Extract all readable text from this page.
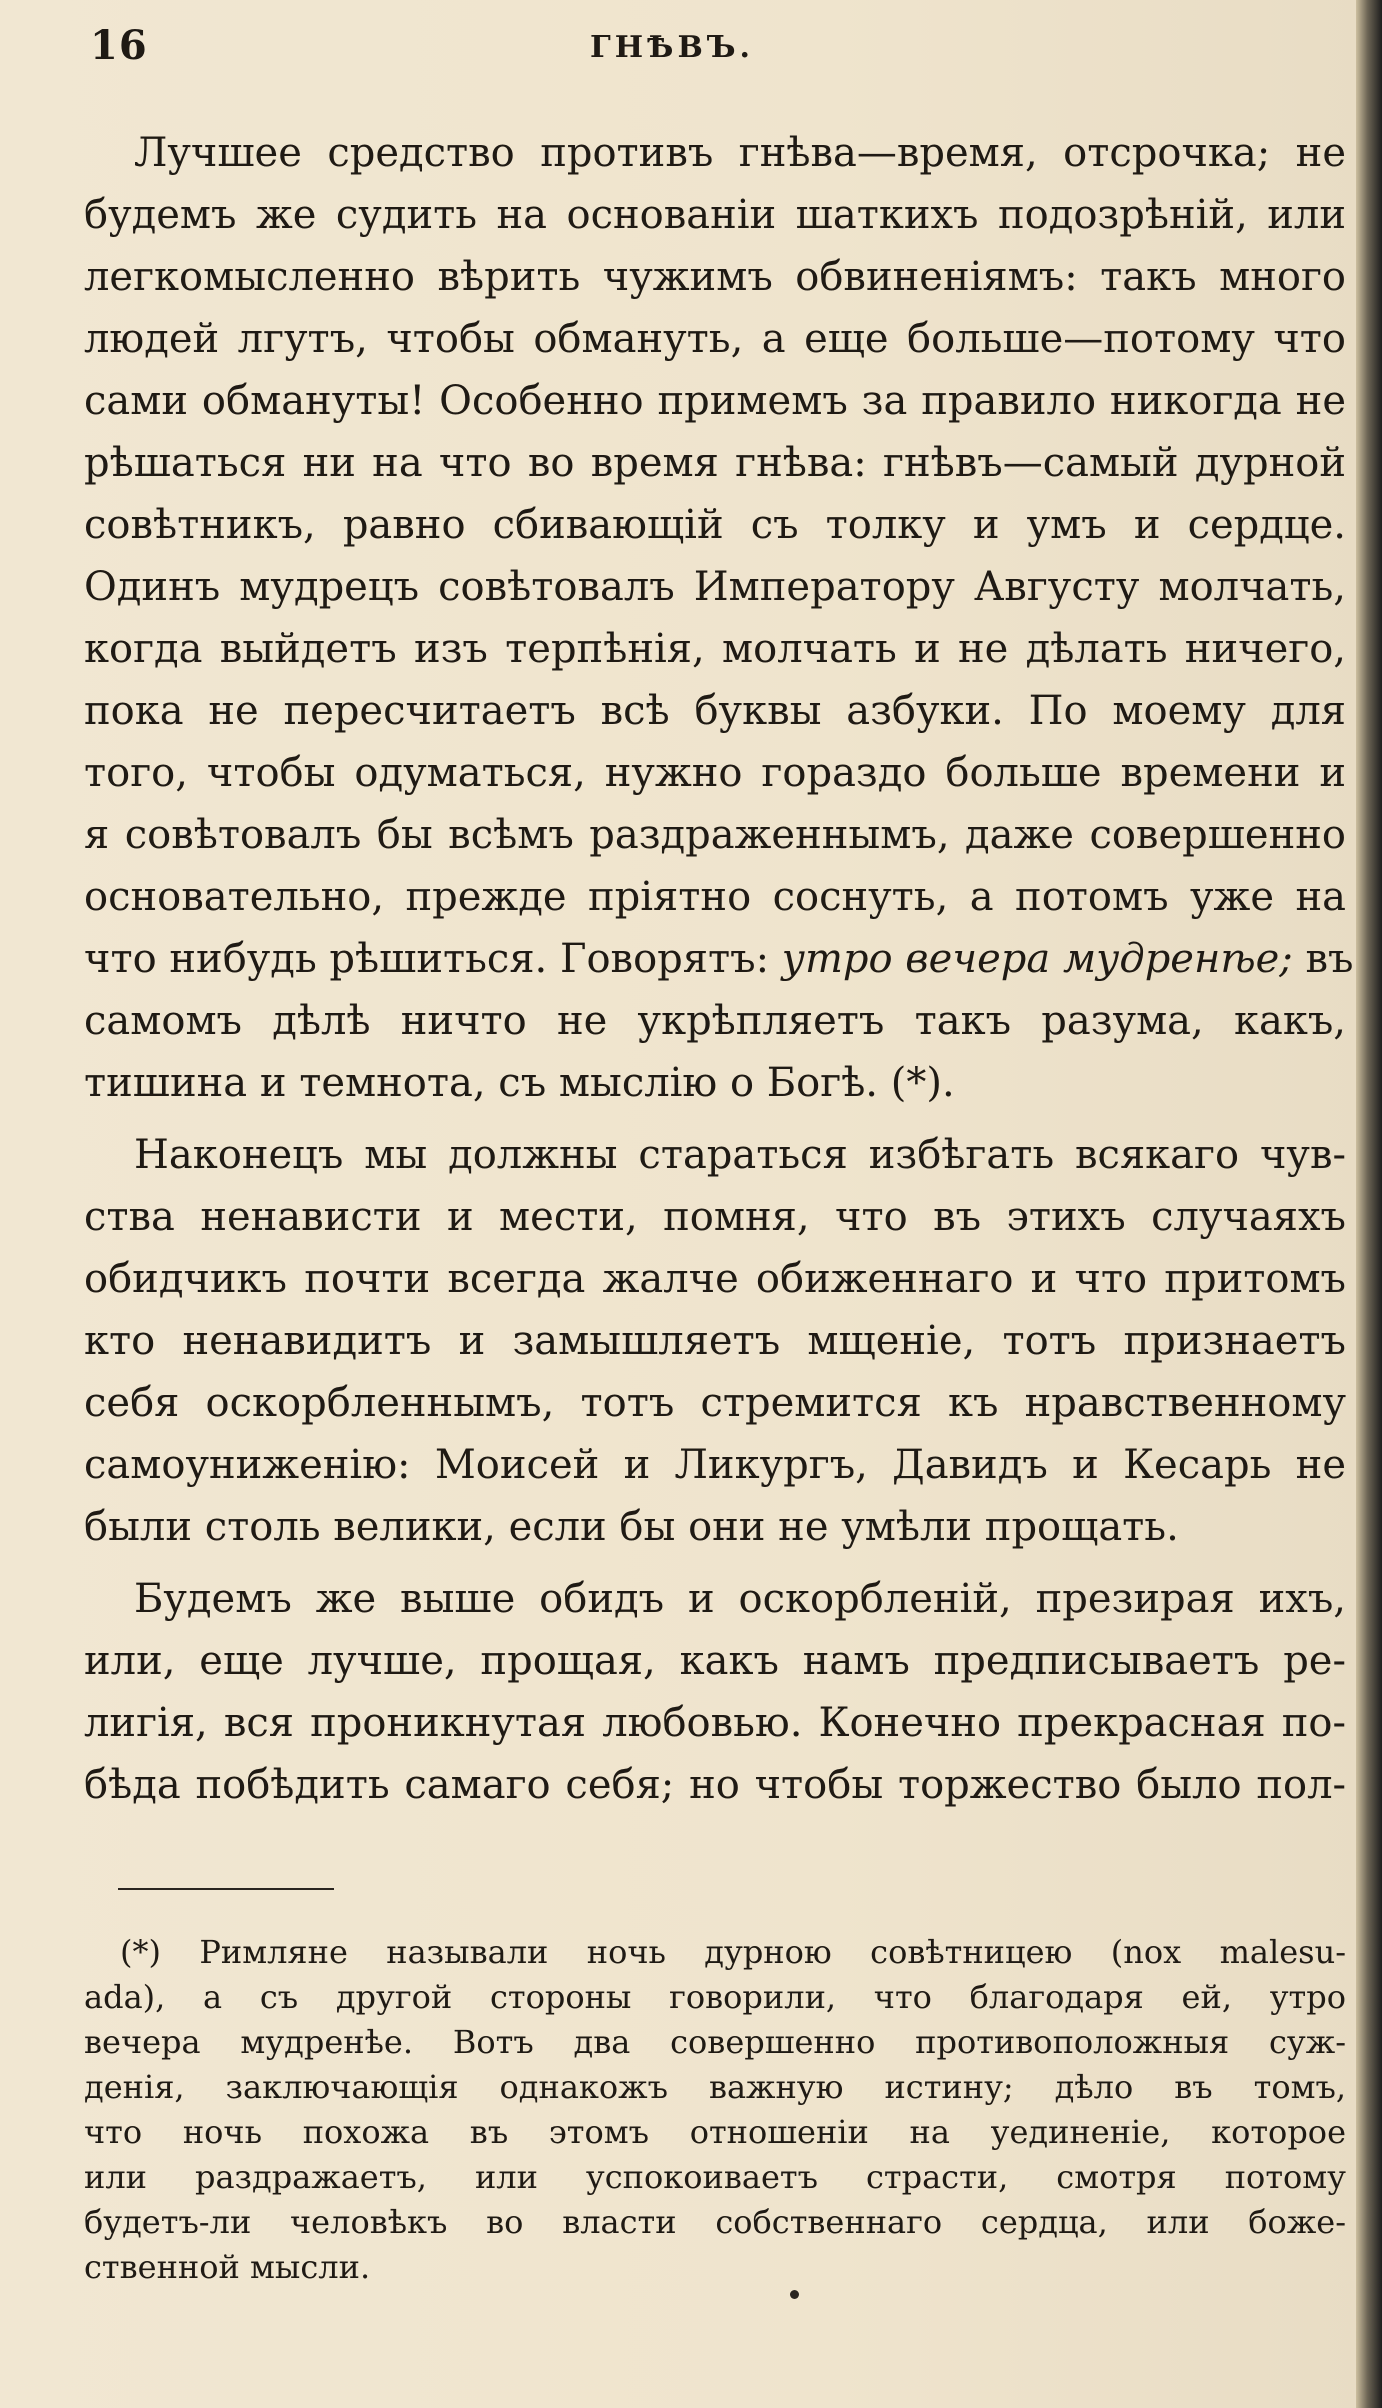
16	ГНѢВЪ.
Лучшее средство противъ гнѣва—время, отсрочка; не
будемъ же судить на основаніи шаткихъ подозрѣній, или
легкомысленно вѣрить чужимъ обвиненіямъ: такъ много
людей лгутъ, чтобы обмануть, а еще больше—потому что
сами обмануты! Особенно примемъ за правило никогда не
рѣшаться ни на что во время гнѣва: гнѣвъ—самый дурной
совѣтникъ, равно сбивающій съ толку и умъ и сердце.
Одинъ мудрецъ совѣтовалъ Императору Августу молчать,
когда выйдетъ изъ терпѣнія, молчать и не дѣлать ничего,
пока не пересчитаетъ всѣ буквы азбуки. По моему для
того, чтобы одуматься, нужно гораздо больше времени и
я совѣтовалъ бы всѣмъ раздраженнымъ, даже совершенно
основательно, прежде пріятно соснуть, а потомъ уже на
что нибудь рѣшиться. Говорятъ: утро вечера мудренѣе; въ
самомъ дѣлѣ ничто не укрѣпляетъ такъ разума, какъ,
тишина и темнота, съ мыслію о Богѣ. (*).
Наконецъ мы должны стараться избѣгать всякаго чув-
ства ненависти и мести, помня, что въ этихъ случаяхъ
обидчикъ почти всегда жалче обиженнаго и что притомъ
кто ненавидитъ и замышляетъ мщеніе, тотъ признаетъ
себя оскорбленнымъ, тотъ стремится къ нравственному
самоуниженію: Моисей и Ликургъ, Давидъ и Кесарь не
были столь велики, если бы они не умѣли прощать.
Будемъ же выше обидъ и оскорбленій, презирая ихъ,
или, еще лучше, прощая, какъ намъ предписываетъ ре-
лигія, вся проникнутая любовью. Конечно прекрасная по-
бѣда побѣдить самаго себя; но чтобы торжество было пол-
(*) Римляне называли ночь дурною совѣтницею (nox malesu-
ada), а съ другой стороны говорили, что благодаря ей, утро
вечера мудренѣе. Вотъ два совершенно противоположныя суж-
денія, заключающія однакожъ важную истину; дѣло въ томъ,
что ночь похожа въ этомъ отношеніи на уединеніе, которое
или раздражаетъ, или успокоиваетъ страсти, смотря потому
будетъ-ли человѣкъ во власти собственнаго сердца, или боже-
ственной мысли.
